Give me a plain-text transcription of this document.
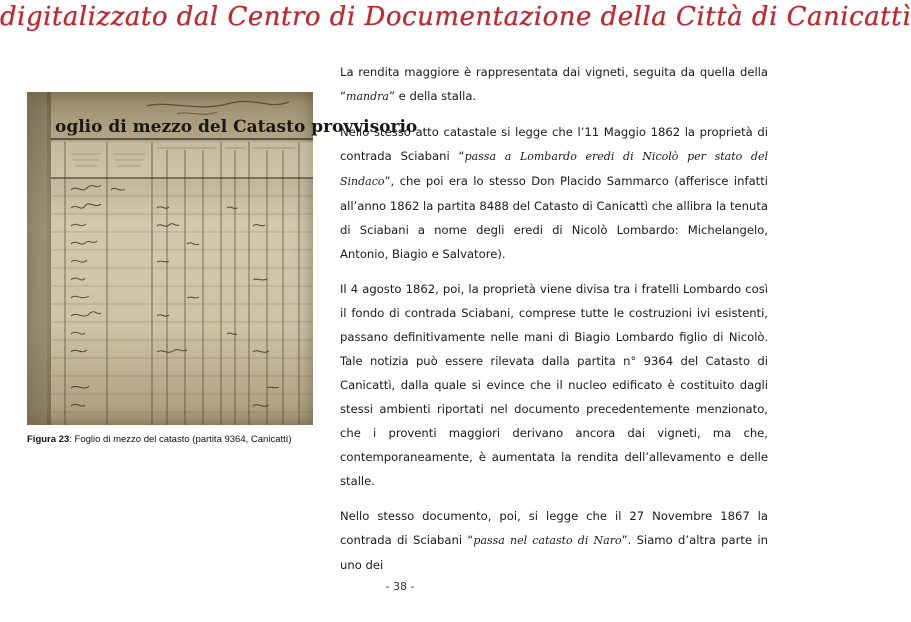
digitalizzato dal Centro di Documentazione della Città di Canicattì
oglio di mezzo del Catasto provvisorio
Figura 23: Foglio di mezzo del catasto (partita 9364, Canicattì)

La rendita maggiore è rappresentata dai vigneti, seguita da quella della “mandra” e della stalla.

Nello stesso atto catastale si legge che l’11 Maggio 1862 la proprietà di contrada Sciabani “passa a Lombardo eredi di Nicolò per stato del Sindaco”, che poi era lo stesso Don Placido Sammarco (afferisce infatti all’anno 1862 la partita 8488 del Catasto di Canicattì che allibra la tenuta di Sciabani a nome degli eredi di Nicolò Lombardo: Michelangelo, Antonio, Biagio e Salvatore).

Il 4 agosto 1862, poi, la proprietà viene divisa tra i fratelli Lombardo così il fondo di contrada Sciabani, comprese tutte le costruzioni ivi esistenti, passano definitivamente nelle mani di Biagio Lombardo figlio di Nicolò. Tale notizia può essere rilevata dalla partita n° 9364 del Catasto di Canicattì, dalla quale si evince che il nucleo edificato è costituito dagli stessi ambienti riportati nel documento precedentemente menzionato, che i proventi maggiori derivano ancora dai vigneti, ma che, contemporaneamente, è aumentata la rendita dell’allevamento e delle stalle.

Nello stesso documento, poi, si legge che il 27 Novembre 1867 la contrada di Sciabani “passa nel catasto di Naro”. Siamo d’altra parte in uno dei

- 38 -
